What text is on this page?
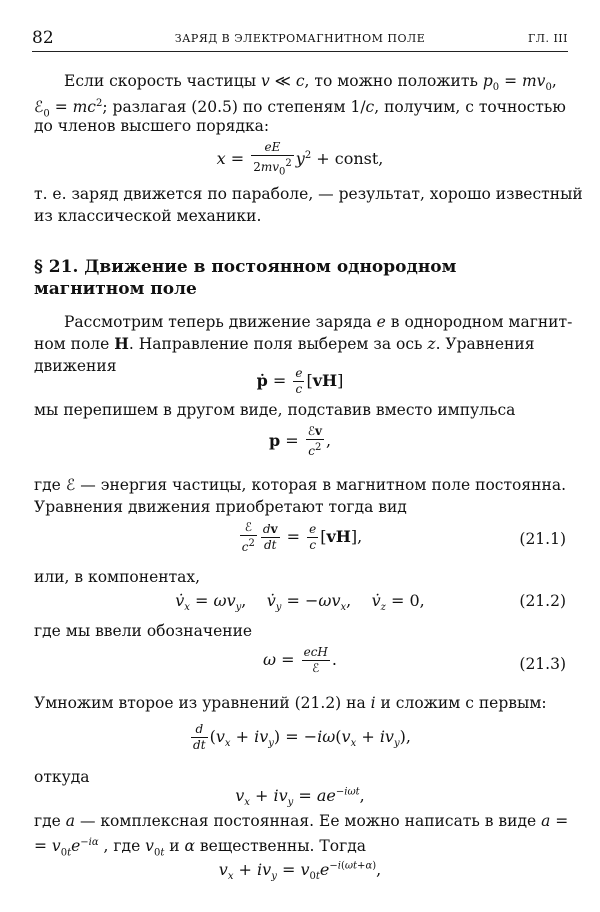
82	ЗАРЯД В ЭЛЕКТРОМАГНИТНОМ ПОЛЕ	ГЛ. III
Если скорость частицы v ≪ c, то можно положить $p_0 = mv_0$,
ℰ$_0$ = $mc^2$; разлагая (20.5) по степеням 1/c, получим, с точностью
до членов высшего порядка:
$x = \frac{eE}{2mv_0^2} y^2$ + const,
т. е. заряд движется по параболе, — результат, хорошо известный
из классической механики.
§ 21. Движение в постоянном однородном
магнитном поле
Рассмотрим теперь движение заряда e в однородном магнит-
ном поле H. Направление поля выберем за ось z. Уравнения
движения
ṗ = $\frac{e}{c} [vH]$
мы перепишем в другом виде, подставив вместо импульса
$p = \frac{\text{ℰv}}{c^2}$ ,
где ℰ — энергия частицы, которая в магнитном поле постоянна.
Уравнения движения приобретают тогда вид
$\frac{\text{ℰ}}{c^2} \frac{dv}{dt} = \frac{e}{c} [vH]$,	(21.1)
или, в компонентах,
$v̇_x = \omega v_y$,    $v̇_y = -\omega v_x$,    $v̇_z = 0$,	(21.2)
где мы ввели обозначение
$\omega = \frac{\text{ecH}}{\text{ℰ}}$ .	(21.3)
Умножим второе из уравнений (21.2) на i и сложим с первым:
$\frac{d}{dt} (v_x + iv_y) = -i\omega(v_x + iv_y)$,
откуда
$v_x + iv_y = ae^{-i\omega t}$,
где a — комплексная постоянная. Ее можно написать в виде a =
= $v_{0t}e^{-i\alpha}$ , где $v_{0t}$ и α вещественны. Тогда
$v_x + iv_y = v_{0t}e^{-i(\omega t+\alpha)}$,
